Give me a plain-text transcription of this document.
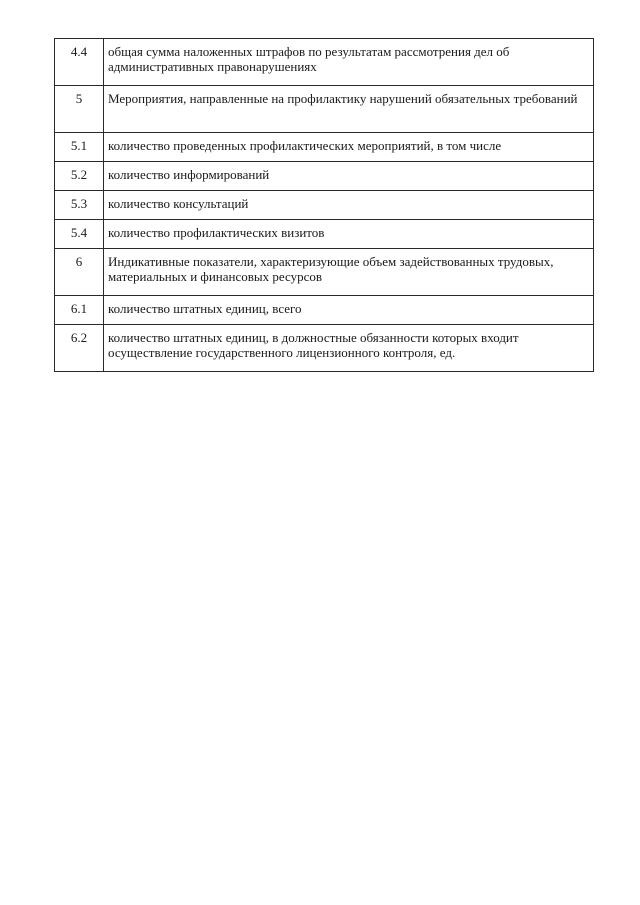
4.4	общая сумма наложенных штрафов по результатам рассмотрения дел об административных правонарушениях
5	Мероприятия, направленные на профилактику нарушений обязательных требований
5.1	количество проведенных профилактических мероприятий, в том числе
5.2	количество информирований
5.3	количество консультаций
5.4	количество профилактических визитов
6	Индикативные показатели, характеризующие объем задействованных трудовых, материальных и финансовых ресурсов
6.1	количество штатных единиц, всего
6.2	количество штатных единиц, в должностные обязанности которых входит осуществление государственного лицензионного контроля, ед.
